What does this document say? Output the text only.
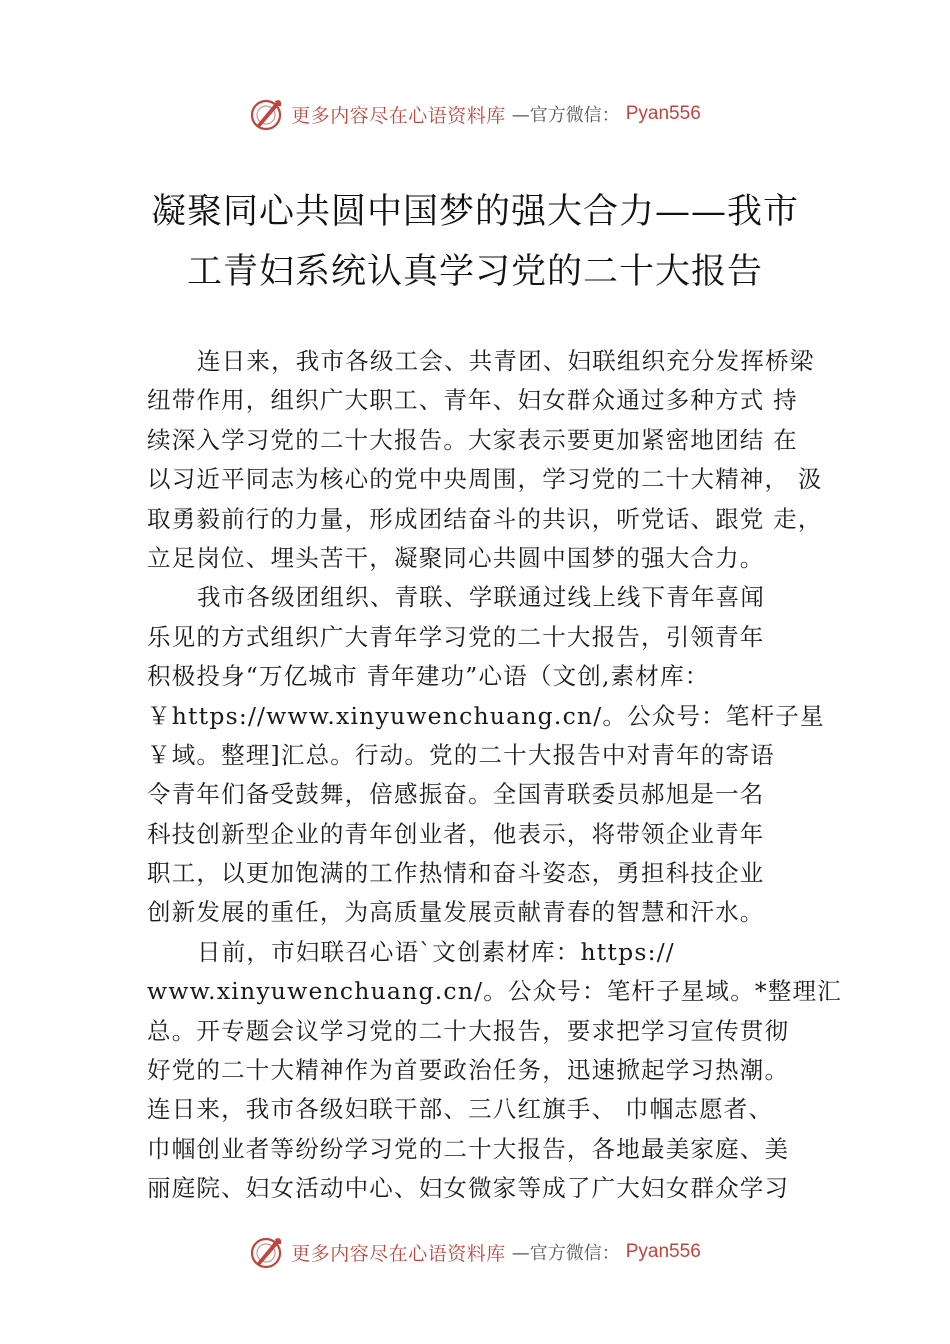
更多内容尽在心语资料库 —官方微信： Pyan556
凝聚同心共圆中国梦的强大合力——我市
工青妇系统认真学习党的二十大报告
连日来，我市各级工会、共青团、妇联组织充分发挥桥梁
纽带作用，组织广大职工、青年、妇女群众通过多种方式 持
续深入学习党的二十大报告。大家表示要更加紧密地团结 在
以习近平同志为核心的党中央周围，学习党的二十大精神， 汲
取勇毅前行的力量，形成团结奋斗的共识，听党话、跟党 走，
立足岗位、埋头苦干，凝聚同心共圆中国梦的强大合力。
我市各级团组织、青联、学联通过线上线下青年喜闻
乐见的方式组织广大青年学习党的二十大报告，引领青年
积极投身“万亿城市 青年建功”心语（文创,素材库：
￥https://www.xinyuwenchuang.cn/。公众号：笔杆子星
￥域。整理]汇总。行动。党的二十大报告中对青年的寄语
令青年们备受鼓舞，倍感振奋。全国青联委员郝旭是一名
科技创新型企业的青年创业者，他表示，将带领企业青年
职工，以更加饱满的工作热情和奋斗姿态，勇担科技企业
创新发展的重任，为高质量发展贡献青春的智慧和汗水。
日前，市妇联召心语`文创素材库：https://
www.xinyuwenchuang.cn/。公众号：笔杆子星域。*整理汇
总。开专题会议学习党的二十大报告，要求把学习宣传贯彻
好党的二十大精神作为首要政治任务，迅速掀起学习热潮。
连日来，我市各级妇联干部、三八红旗手、 巾帼志愿者、
巾帼创业者等纷纷学习党的二十大报告，各地最美家庭、美
丽庭院、妇女活动中心、妇女微家等成了广大妇女群众学习
更多内容尽在心语资料库 —官方微信： Pyan556
